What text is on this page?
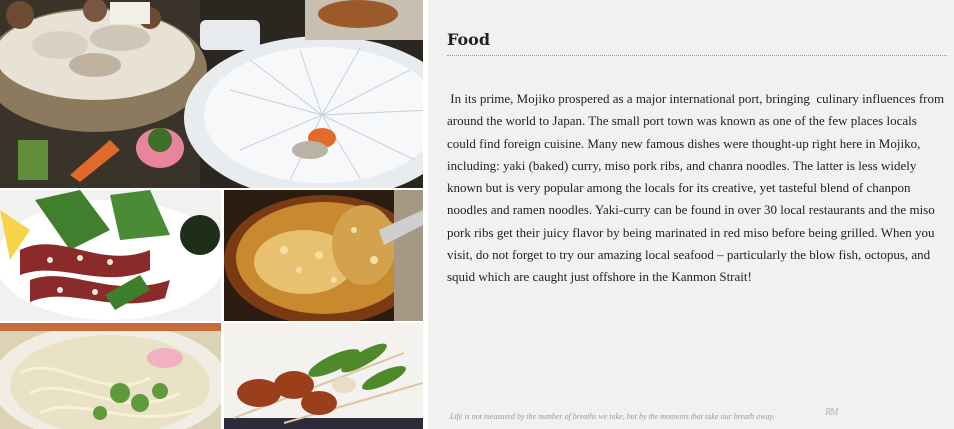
Food

In its prime, Mojiko prospered as a major international port, bringing  culinary influences from around the world to Japan. The small port town was known as one of the few places locals could find foreign cuisine. Many new famous dishes were thought-up right here in Mojiko, including: yaki (baked) curry, miso pork ribs, and chanra noodles. The latter is less widely known but is very popular among the locals for its creative, yet tasteful blend of chanpon noodles and ramen noodles. Yaki-curry can be found in over 30 local restaurants and the miso pork ribs get their juicy flavor by being marinated in red miso before being grilled. When you visit, do not forget to try our amazing local seafood – particularly the blow fish, octopus, and squid which are caught just offshore in the Kanmon Strait!

Life is not measured by the number of breaths we take, but by the moments that take our breath away.	RM
